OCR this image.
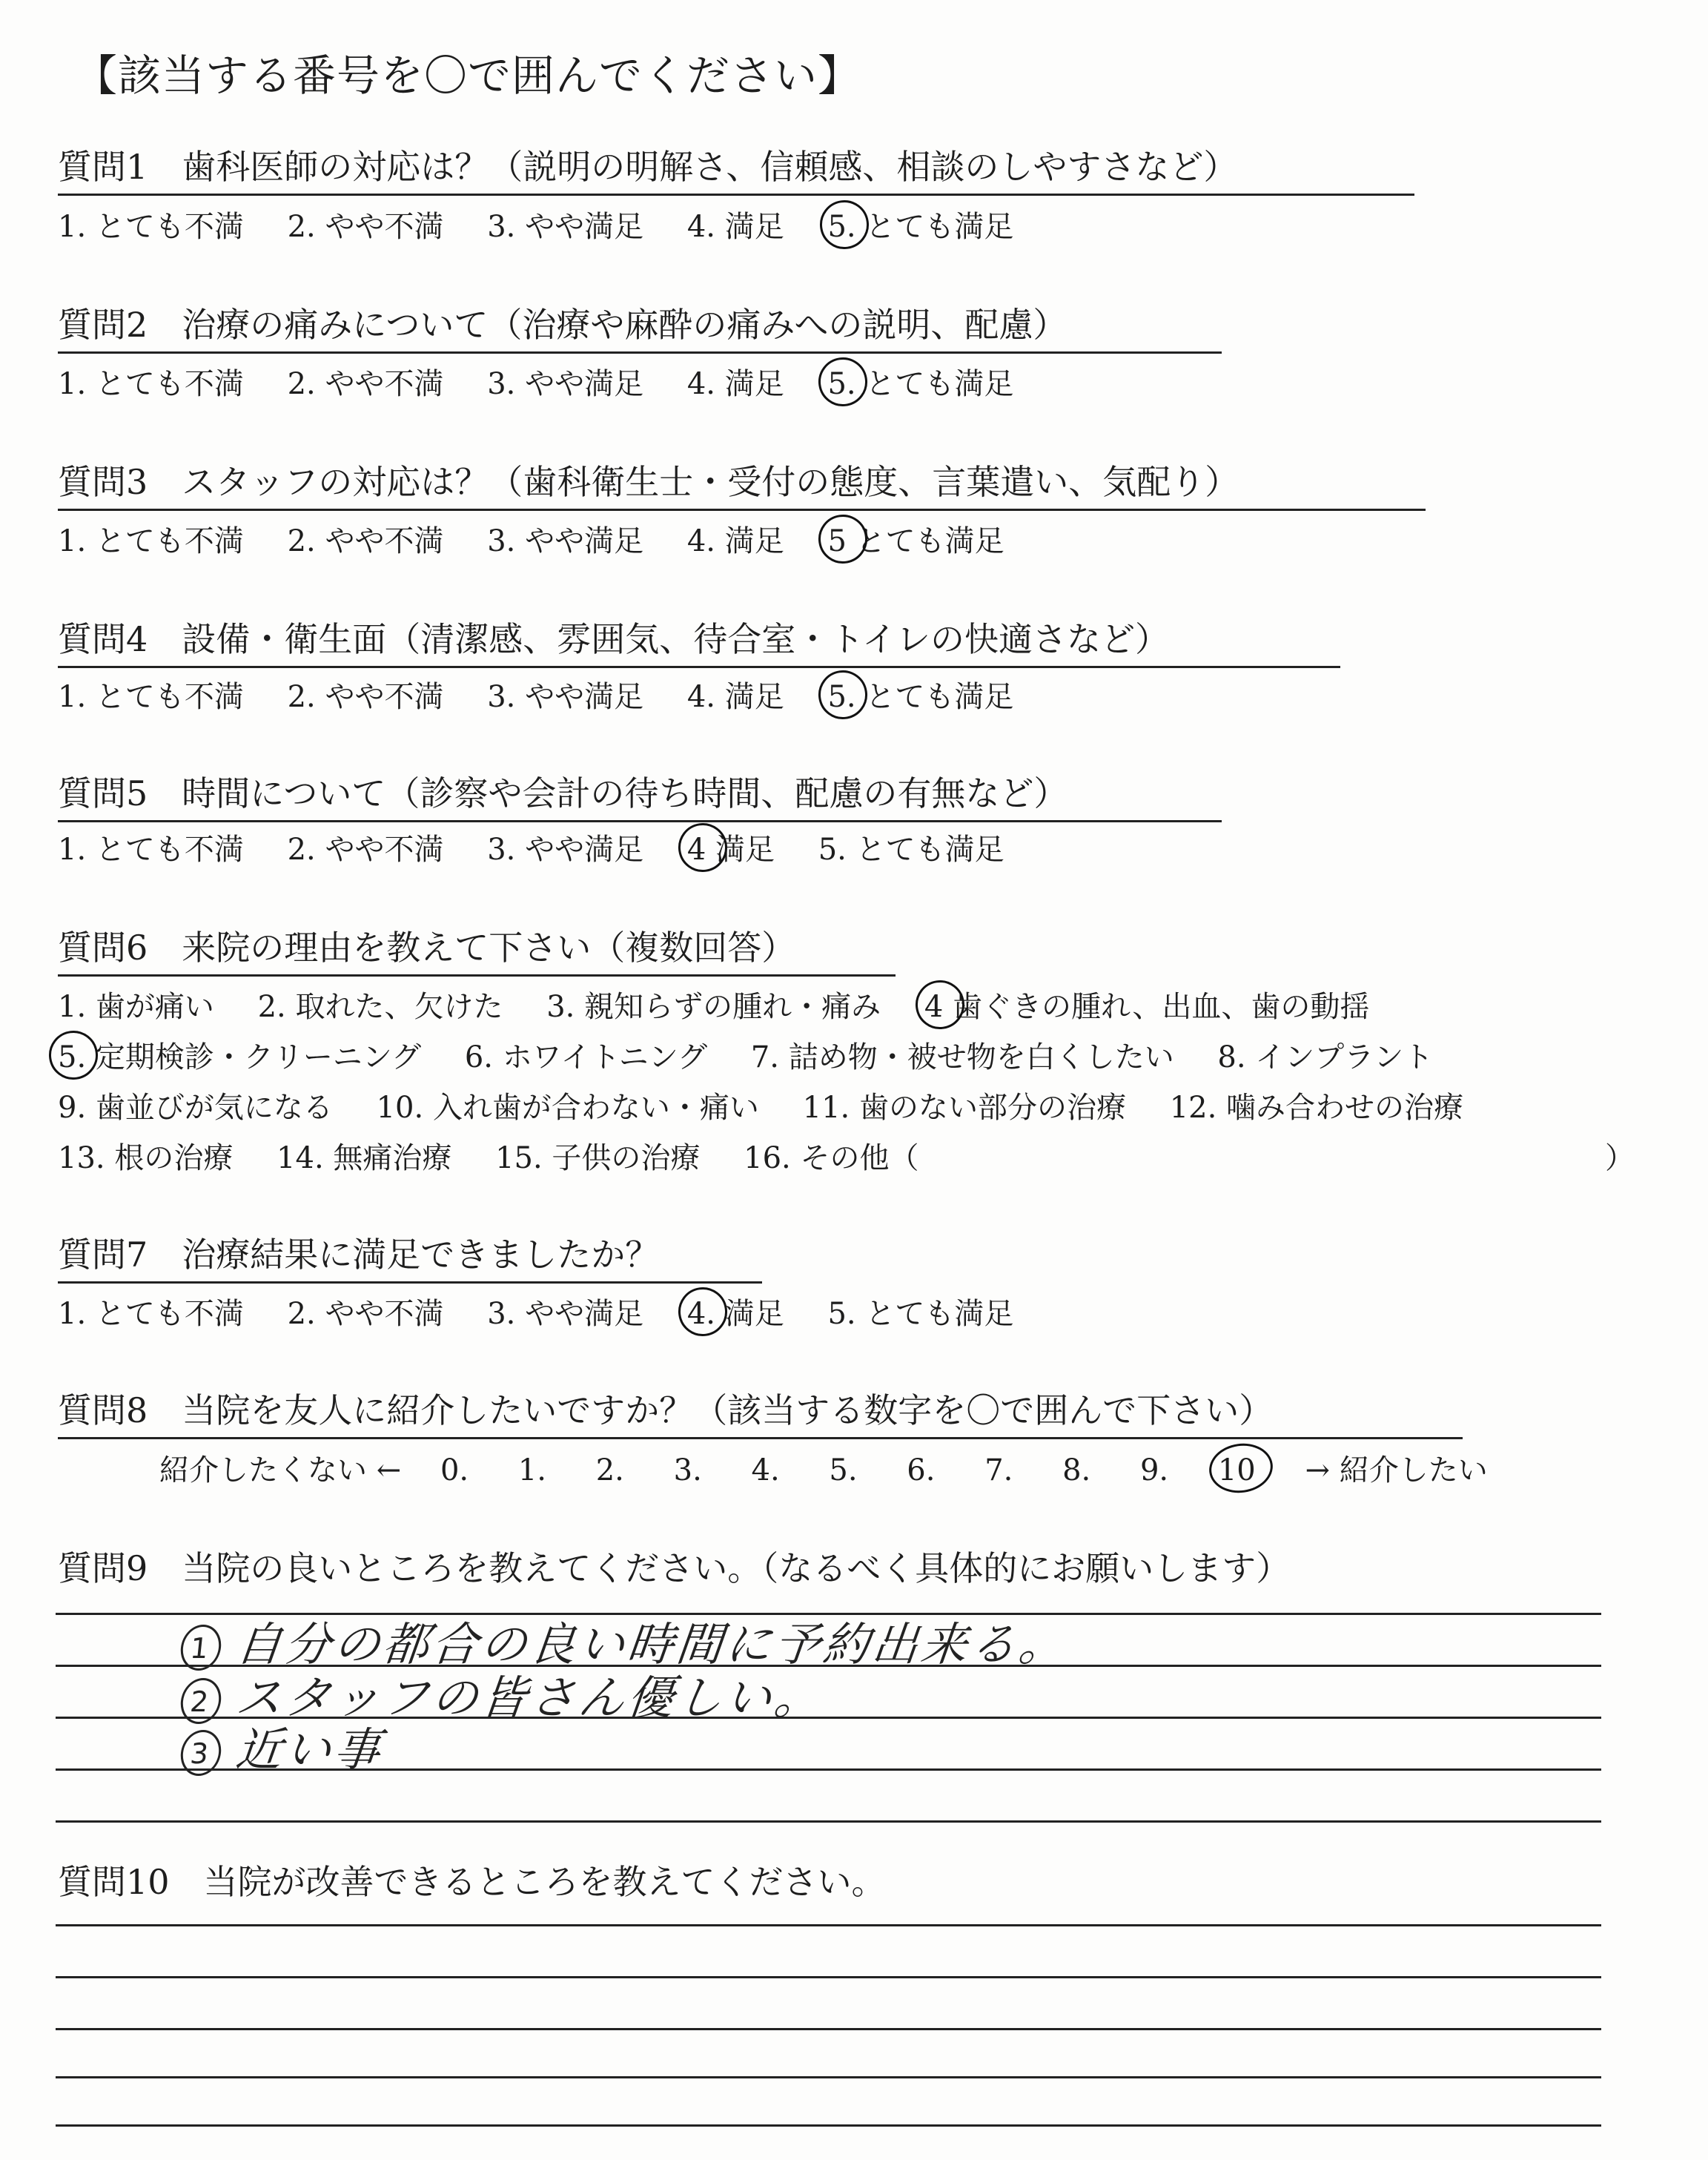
【該当する番号を〇で囲んでください】
質問1　歯科医師の対応は？（説明の明解さ、信頼感、相談のしやすさなど）
1. とても不満 2. やや不満 3. やや満足 4. 満足 5. とても満足
質問2　治療の痛みについて（治療や麻酔の痛みへの説明、配慮）
1. とても不満 2. やや不満 3. やや満足 4. 満足 5. とても満足
質問3　スタッフの対応は？（歯科衛生士・受付の態度、言葉遣い、気配り）
1. とても不満 2. やや不満 3. やや満足 4. 満足 5 とても満足
質問4　設備・衛生面（清潔感、雰囲気、待合室・トイレの快適さなど）
1. とても不満 2. やや不満 3. やや満足 4. 満足 5. とても満足
質問5　時間について（診察や会計の待ち時間、配慮の有無など）
1. とても不満 2. やや不満 3. やや満足 4 満足 5. とても満足
質問6　来院の理由を教えて下さい（複数回答）
1. 歯が痛い 2. 取れた、欠けた 3. 親知らずの腫れ・痛み 4 歯ぐきの腫れ、出血、歯の動揺
5. 定期検診・クリーニング 6. ホワイトニング 7. 詰め物・被せ物を白くしたい 8. インプラント
9. 歯並びが気になる 10. 入れ歯が合わない・痛い 11. 歯のない部分の治療 12. 噛み合わせの治療
13. 根の治療 14. 無痛治療 15. 子供の治療 16. その他（	）
質問7　治療結果に満足できましたか？
1. とても不満 2. やや不満 3. やや満足 4. 満足 5. とても満足
質問8　当院を友人に紹介したいですか？（該当する数字を〇で囲んで下さい）
紹介したくない ← 0. 1. 2. 3. 4. 5. 6. 7. 8. 9. 10 → 紹介したい
質問9　当院の良いところを教えてください。（なるべく具体的にお願いします）
1 自分の都合の良い時間に予約出来る。
2 スタッフの皆さん優しい。
3 近い事
質問10　当院が改善できるところを教えてください。
